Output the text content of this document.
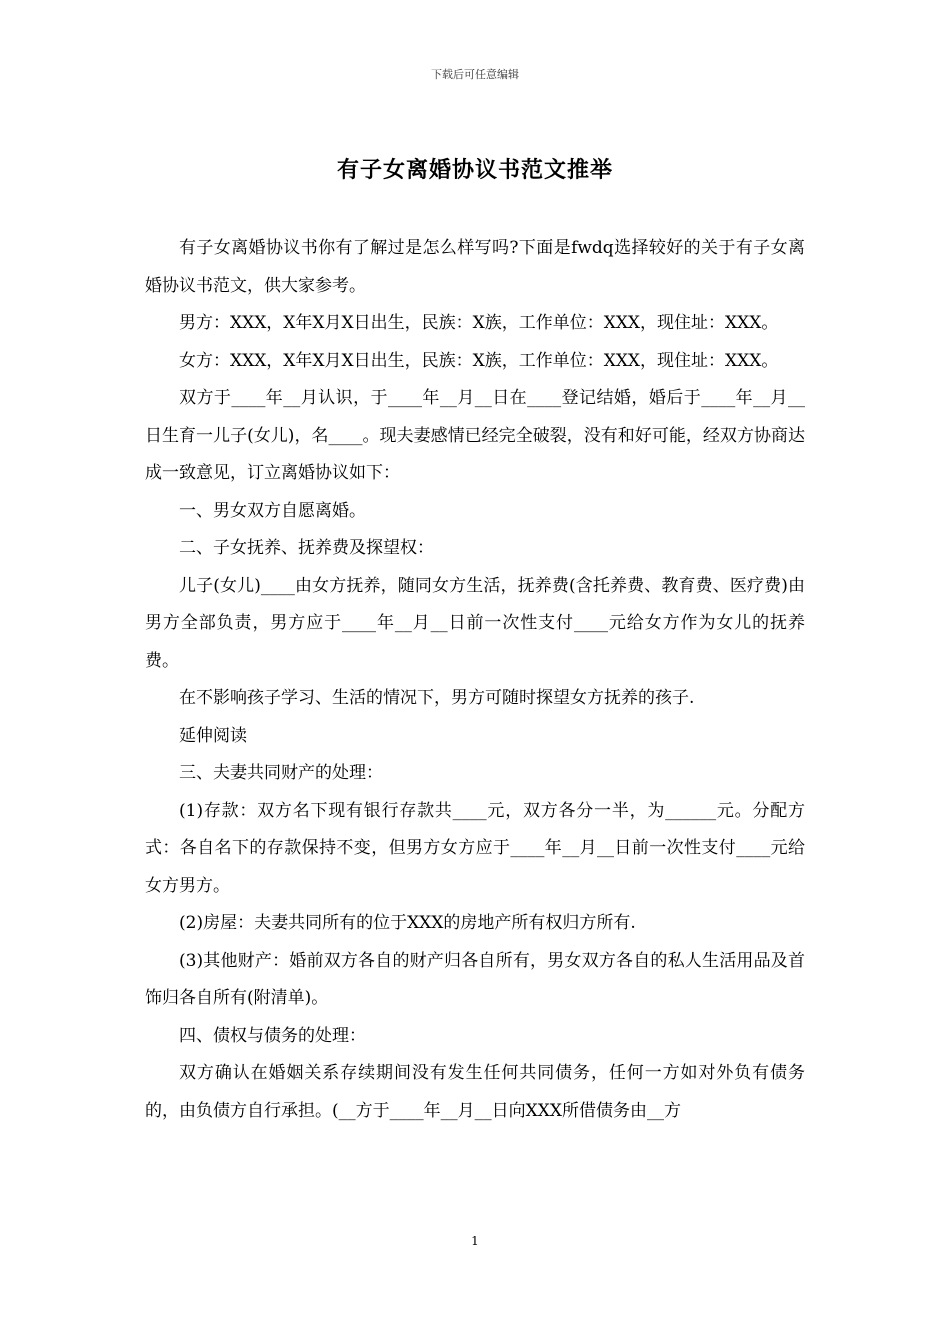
下载后可任意编辑
有子女离婚协议书范文推举

有子女离婚协议书你有了解过是怎么样写吗?下面是fwdq选择较好的关于有子女离婚协议书范文，供大家参考。

男方：XXX，X年X月X日出生，民族：X族，工作单位：XXX，现住址：XXX。

女方：XXX，X年X月X日出生，民族：X族，工作单位：XXX，现住址：XXX。

双方于____年__月认识，于____年__月__日在____登记结婚，婚后于____年__月__日生育一儿子(女儿)，名____。现夫妻感情已经完全破裂，没有和好可能，经双方协商达成一致意见，订立离婚协议如下：

一、男女双方自愿离婚。

二、子女抚养、抚养费及探望权：

儿子(女儿)____由女方抚养，随同女方生活，抚养费(含托养费、教育费、医疗费)由男方全部负责，男方应于____年__月__日前一次性支付____元给女方作为女儿的抚养费。

在不影响孩子学习、生活的情况下，男方可随时探望女方抚养的孩子.

延伸阅读

三、夫妻共同财产的处理：

(1)存款：双方名下现有银行存款共____元，双方各分一半，为______元。分配方式：各自名下的存款保持不变，但男方女方应于____年__月__日前一次性支付____元给女方男方。

(2)房屋：夫妻共同所有的位于XXX的房地产所有权归方所有.

(3)其他财产：婚前双方各自的财产归各自所有，男女双方各自的私人生活用品及首饰归各自所有(附清单)。

四、债权与债务的处理：

双方确认在婚姻关系存续期间没有发生任何共同债务，任何一方如对外负有债务的，由负债方自行承担。(__方于____年__月__日向XXX所借债务由__方

1
